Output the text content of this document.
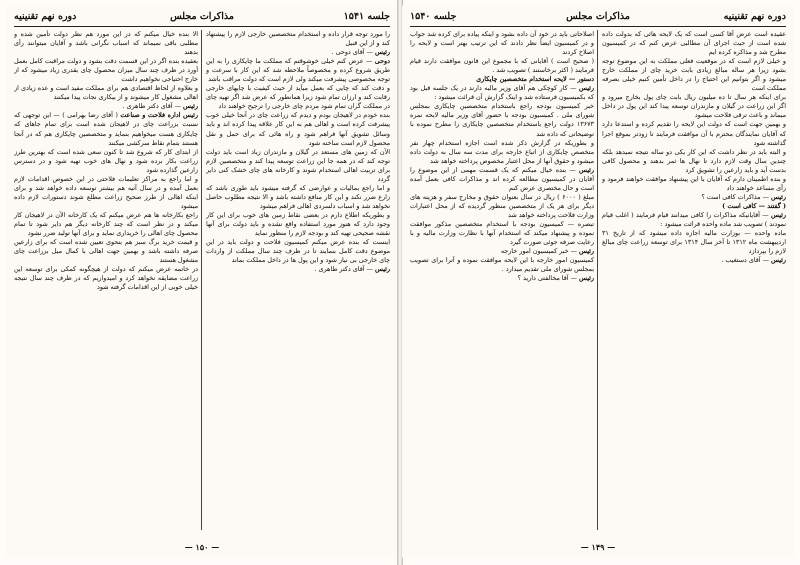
جلسه ۱۵۴۱
مذاکرات مجلس
دوره نهم تقنینیه

را مورد توجه قرار داده و استخدام متخصصین خارجی لازم را پیشنهاد کند و از این قبیل

رئیس — آقای دوحی .

دوحی — عرض کنم خیلی خوشوقتم که مملکت ما چایکاری را به این طریق شروع کرده و مخصوصاً ملاحظه شد که این کار با سرعت و توجه مخصوصی پیشرفت میکند ولی لازم است که دولت مراقب باشد

و دقت کند که چایی که بعمل میآید از حیث کیفیت با چایهای خارجی رقابت کند و ارزان تمام شود زیرا همانطور که عرض شد اگر تهیه چای در مملکت گران تمام شود مردم چای خارجی را ترجیح خواهند داد

بنده خودم در لاهیجان بودم و دیدم که زراعت چای در آنجا خیلی خوب پیشرفت کرده است و اهالی هم به این کار علاقه پیدا کرده اند و باید وسائل تشویق آنها فراهم شود و راه هائی که برای حمل و نقل محصول لازم است ساخته شود

الآن که زمین های مستعد در گیلان و مازندران زیاد است باید دولت توجه کند که در همه جا این زراعت توسعه پیدا کند و متخصصین لازم برای تربیت اهالی استخدام شوند و کارخانه های چای خشک کنی دایر گردد

و اما راجع بمالیات و عوارضی که گرفته میشود باید طوری باشد که زارع ضرر نکند و این کار منافع داشته باشد و الا نتیجه مطلوب حاصل نخواهد شد و اسباب دلسردی اهالی فراهم میشود

و بطوریکه اطلاع دارم در بعضی نقاط زمین های خوب برای این کار وجود دارد که هنوز مورد استفاده واقع نشده و باید دولت برای آنها نقشه صحیحی تهیه کند و بودجه لازم را منظور نماید

اینست که بنده عرض میکنم کمیسیون فلاحت و دولت باید در این موضوع دقت کامل بنمایند تا در ظرف چند سال مملکت از واردات چای خارجی بی نیاز شود و این پول ها در داخل مملکت بماند

رئیس — آقای دکتر طاهری .

الا بنده خیال میکنم که در این مورد هم نظر دولت تأمین شده و مطلبی باقی نمیماند که اسباب نگرانی باشد و آقایان میتوانند رأی بدهند

بعقیده بنده اگر در این قسمت دقت بشود و دولت مراقبت کامل بعمل آورد در ظرف چند سال میزان محصول چای بقدری زیاد میشود که از خارج احتیاجی نخواهیم داشت

و بعلاوه از لحاظ اقتصادی هم برای مملکت مفید است و عده زیادی از اهالی مشغول کار میشوند و از بیکاری نجات پیدا میکنند

رئیس — آقای دکتر طاهری .

رئیس اداره فلاحت و صناعت ( آقای رضا بهرامی ) — این توجهی که نسبت بزراعت چای در لاهیجان شده است برای تمام جاهای که چایکاری هست میخواهیم بنماید و متخصصین چایکاری هم که در آنجا هستند بتمام نقاط سرکشی میکنند

از ابتدای کار که شروع شد تا کنون سعی شده است که بهترین طرز زراعت بکار برده شود و نهال های خوب تهیه شود و در دسترس زارعین گذارده شود

و اما راجع به مراکز تعلیمات فلاحتی در این خصوص اقدامات لازم بعمل آمده و در سال آتیه هم بیشتر توسعه داده خواهد شد و برای اینکه اهالی از طرز صحیح زراعت مطلع شوند دستورات لازم داده میشود

راجع بکارخانه ها هم عرض میکنم که یک کارخانه الآن در لاهیجان کار میکند و در نظر است که چند کارخانه دیگر هم دایر شود تا تمام محصول چای اهالی را خریداری نماید و برای آنها تولید ضرر نشود

و قیمت خرید برگ سبز هم بنحوی تعیین شده است که برای زارعین صرفه داشته باشد و بهمین جهت اهالی با کمال میل بزراعت چای مشغول هستند

در خاتمه عرض میکنم که دولت از هیچگونه کمکی برای توسعه این زراعت مضایقه نخواهد کرد و امیدواریم که در ظرف چند سال نتیجه خیلی خوبی از این اقدامات گرفته شود

— ۱۵۰ —
دوره نهم تقنینیه
مذاکرات مجلس
جلسه ۱۵۴۰

عقیده است عرض آقا کسی است که یک لایحه هائی که بدولت داده شده است از حیث اجرای آن مطالبی عرض کنم که در کمیسیون مطرح شد و مذاکره کرده ایم

و خیلی لازم است که در موقعیت فعلی مملکت به این موضوع توجه بشود زیرا هر ساله مبالغ زیادی بابت خرید چای از مملکت خارج میشود و اگر بتوانیم این احتیاج را در داخل تأمین کنیم خیلی بصرفه مملکت است

برای اینکه هر سال تا ده میلیون ریال بابت چای پول بخارج میرود و اگر این زراعت در گیلان و مازندران توسعه پیدا کند این پول در داخل میماند و باعث ترقی فلاحت میشود

و بهمین جهت است که دولت این لایحه را تقدیم کرده و استدعا دارد که آقایان نمایندگان محترم با آن موافقت فرمایند تا زودتر بموقع اجرا گذاشته شود

و البته باید در نظر داشت که این کار یکی دو ساله نتیجه نمیدهد بلکه چندین سال وقت لازم دارد تا نهال ها ثمر بدهند و محصول کافی بدست آید و باید زارعین را تشویق کرد

و بنده اطمینان دارم که آقایان با این پیشنهاد موافقت خواهند فرمود و رأی مساعد خواهند داد

رئیس — مذاکرات کافی است ؟

( گفتند — کافی است )

رئیس — آقایانیکه مذاکرات را کافی میدانند قیام فرمایند ( اغلب قیام نمودند ) تصویب شد ماده واحده قرائت میشود :

ماده واحده — بوزارت مالیه اجازه داده میشود که از تاریخ ۳۱ اردیبهشت ماه ۱۳۱۲ تا آخر سال ۱۳۱۴ برای توسعه زراعت چای مبالغ لازم را بپردازد

رئیس — آقای دستغیب .

اصلاحاتی باید در خود آن داده بشود و اینکه پیاده برای کرده شد جواب و در کمیسیون ایضاً نظر دادند که این ترتیب بهتر است و لایحه را اصلاح کردند

( صحیح است ) آقایانی که با مجموع این قانون موافقت دارند قیام فرمایند ( اکثر برخاستند ) تصویب شد .

دستور — لایحه استخدام متخصصین چایکاری

رئیس — کار کوچکی هم آقای وزیر مالیه دارند در یک جلسه قبل بود که بکمیسیون فرستاده شد و اینک گزارش آن قرائت میشود :

خبر کمیسیون بودجه راجع باستخدام متخصصین چایکاری بمجلس شورای ملی . کمیسیون بودجه با حضور آقای وزیر مالیه لایحه نمره ۱۳۶۷۳ دولت راجع باستخدام متخصصین چایکاری را مطرح نموده با توضیحاتی که داده شد

و بطوریکه در گزارش ذکر شده است اجازه استخدام چهار نفر متخصص چایکاری از اتباع خارجه برای مدت سه سال به دولت داده میشود و حقوق آنها از محل اعتبار مخصوص پرداخته خواهد شد

رئیس — بنده خیال میکنم که یک قسمت مهمی از این موضوع را آقایان در کمیسیون مطالعه کرده اند و مذاکرات کافی بعمل آمده است و حال مختصری عرض کنم

مبلغ ( ۶۰۰۰ ) ریال در سال بعنوان حقوق و مخارج سفر و هزینه های دیگر برای هر یک از متخصصین منظور گردیده که از محل اعتبارات وزارت فلاحت پرداخته خواهد شد

تبصره — کمیسیون بودجه با استخدام متخصصین مذکور موافقت نموده و پیشنهاد میکند که استخدام آنها با نظارت وزارت مالیه و با رعایت صرفه جوئی صورت گیرد

رئیس — خبر کمیسیون امور خارجه

کمیسیون امور خارجه با این لایحه موافقت نموده و آنرا برای تصویب بمجلس شورای ملی تقدیم میدارد .

رئیس — آقا مخالفتی دارید ؟

— ۱۴۹ —
